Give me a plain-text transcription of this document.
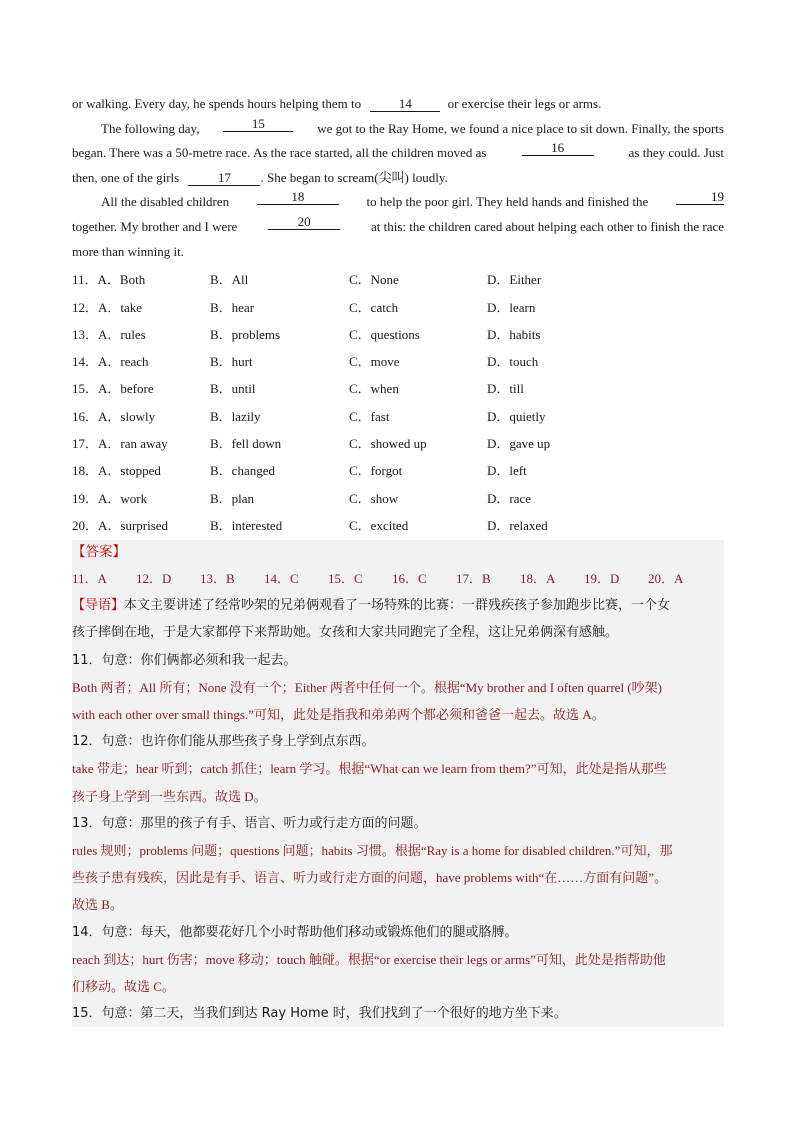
or walking. Every day, he spends hours helping them to	14	or exercise their legs or arms.
The following day,	15	we got to the Ray Home, we found a nice place to sit down. Finally, the sports
began. There was a 50-metre race. As the race started, all the children moved as	16	as they could. Just
then, one of the girls	17 . She began to scream(尖叫) loudly.
All the disabled children	18	to help the poor girl. They held hands and finished the	19
together. My brother and I were	20	at this: the children cared about helping each other to finish the race
more than winning it.
11．A．Both	B．All	C．None	D．Either
12．A．take	B．hear	C．catch	D．learn
13．A．rules	B．problems	C．questions	D．habits
14．A．reach	B．hurt	C．move	D．touch
15．A．before	B．until	C．when	D．till
16．A．slowly	B．lazily	C．fast	D．quietly
17．A．ran away	B．fell down	C．showed up	D．gave up
18．A．stopped	B．changed	C．forgot	D．left
19．A．work	B．plan	C．show	D．race
20．A．surprised	B．interested	C．excited	D．relaxed
【答案】
11．A	12．D	13．B	14．C	15．C	16．C	17．B	18．A	19．D	20．A
【导语】本文主要讲述了经常吵架的兄弟俩观看了一场特殊的比赛：一群残疾孩子参加跑步比赛，一个女
孩子摔倒在地，于是大家都停下来帮助她。女孩和大家共同跑完了全程，这让兄弟俩深有感触。
11．句意：你们俩都必须和我一起去。
Both 两者；All 所有；None 没有一个；Either 两者中任何一个。根据“My brother and I often quarrel (吵架)
with each other over small things.”可知，此处是指我和弟弟两个都必须和爸爸一起去。故选 A。
12．句意：也许你们能从那些孩子身上学到点东西。
take 带走；hear 听到；catch 抓住；learn 学习。根据“What can we learn from them?”可知，此处是指从那些
孩子身上学到一些东西。故选 D。
13．句意：那里的孩子有手、语言、听力或行走方面的问题。
rules 规则；problems 问题；questions 问题；habits 习惯。根据“Ray is a home for disabled children.”可知，那
些孩子患有残疾，因此是有手、语言、听力或行走方面的问题，have problems with“在……方面有问题”。
故选 B。
14．句意：每天，他都要花好几个小时帮助他们移动或锻炼他们的腿或胳膊。
reach 到达；hurt 伤害；move 移动；touch 触碰。根据“or exercise their legs or arms”可知，此处是指帮助他
们移动。故选 C。
15．句意：第二天，当我们到达 Ray Home 时，我们找到了一个很好的地方坐下来。
